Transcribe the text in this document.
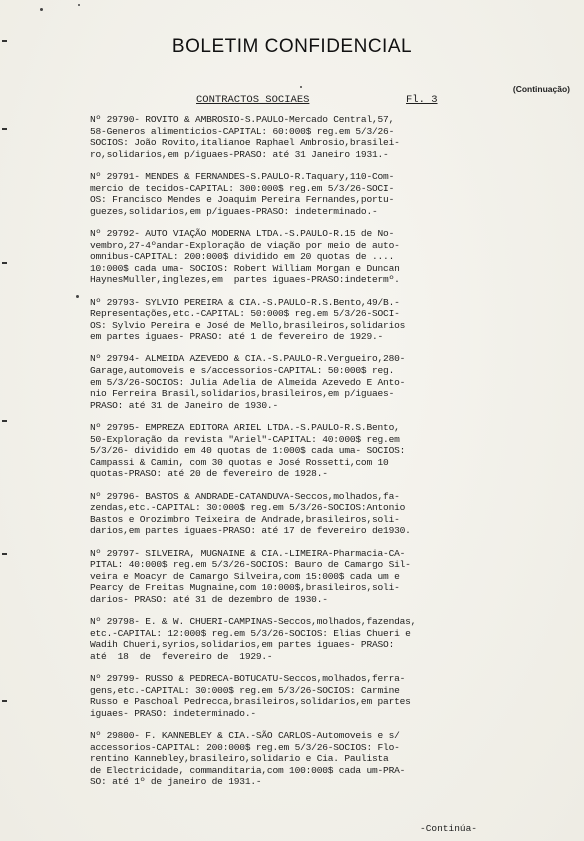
BOLETIM CONFIDENCIAL
(Continuação)
CONTRACTOS SOCIAES	Fl. 3
Nº 29790- ROVITO & AMBROSIO-S.PAULO-Mercado Central,57,
58-Generos alimenticios-CAPITAL: 60:000$ reg.em 5/3/26-
SOCIOS: João Rovito,italianoe Raphael Ambrosio,brasilei-
ro,solidarios,em p/iguaes-PRASO: até 31 Janeiro 1931.-
Nº 29791- MENDES & FERNANDES-S.PAULO-R.Taquary,110-Com-
mercio de tecidos-CAPITAL: 300:000$ reg.em 5/3/26-SOCI-
OS: Francisco Mendes e Joaquim Pereira Fernandes,portu-
guezes,solidarios,em p/iguaes-PRASO: indeterminado.-
Nº 29792- AUTO VIAÇÃO MODERNA LTDA.-S.PAULO-R.15 de No-
vembro,27-4ºandar-Exploração de viação por meio de auto-
omnibus-CAPITAL: 200:000$ dividido em 20 quotas de ....
10:000$ cada uma- SOCIOS: Robert William Morgan e Duncan
HaynesMuller,inglezes,em  partes iguaes-PRASO:indetermº.
Nº 29793- SYLVIO PEREIRA & CIA.-S.PAULO-R.S.Bento,49/B.-
Representações,etc.-CAPITAL: 50:000$ reg.em 5/3/26-SOCI-
OS: Sylvio Pereira e José de Mello,brasileiros,solidarios
em partes iguaes- PRASO: até 1 de fevereiro de 1929.-
Nº 29794- ALMEIDA AZEVEDO & CIA.-S.PAULO-R.Vergueiro,280-
Garage,automoveis e s/accessorios-CAPITAL: 50:000$ reg.
em 5/3/26-SOCIOS: Julia Adelia de Almeida Azevedo E Anto-
nio Ferreira Brasil,solidarios,brasileiros,em p/iguaes-
PRASO: até 31 de Janeiro de 1930.-
Nº 29795- EMPREZA EDITORA ARIEL LTDA.-S.PAULO-R.S.Bento,
50-Exploração da revista "Ariel"-CAPITAL: 40:000$ reg.em
5/3/26- dividido em 40 quotas de 1:000$ cada uma- SOCIOS:
Campassi & Camin, com 30 quotas e José Rossetti,com 10
quotas-PRASO: até 20 de fevereiro de 1928.-
Nº 29796- BASTOS & ANDRADE-CATANDUVA-Seccos,molhados,fa-
zendas,etc.-CAPITAL: 30:000$ reg.em 5/3/26-SOCIOS:Antonio
Bastos e Orozimbro Teixeira de Andrade,brasileiros,soli-
darios,em partes iguaes-PRASO: até 17 de fevereiro de1930.
Nº 29797- SILVEIRA, MUGNAINE & CIA.-LIMEIRA-Pharmacia-CA-
PITAL: 40:000$ reg.em 5/3/26-SOCIOS: Bauro de Camargo Sil-
veira e Moacyr de Camargo Silveira,com 15:000$ cada um e
Pearcy de Freitas Mugnaine,com 10:000$,brasileiros,soli-
darios- PRASO: até 31 de dezembro de 1930.-
Nº 29798- E. & W. CHUERI-CAMPINAS-Seccos,molhados,fazendas,
etc.-CAPITAL: 12:000$ reg.em 5/3/26-SOCIOS: Elias Chueri e
Wadih Chueri,syrios,solidarios,em partes iguaes- PRASO:
até  18  de  fevereiro de  1929.-
Nº 29799- RUSSO & PEDRECA-BOTUCATU-Seccos,molhados,ferra-
gens,etc.-CAPITAL: 30:000$ reg.em 5/3/26-SOCIOS: Carmine
Russo e Paschoal Pedrecca,brasileiros,solidarios,em partes
iguaes- PRASO: indeterminado.-
Nº 29800- F. KANNEBLEY & CIA.-SÃO CARLOS-Automoveis e s/
accessorios-CAPITAL: 200:000$ reg.em 5/3/26-SOCIOS: Flo-
rentino Kannebley,brasileiro,solidario e Cia. Paulista
de Electricidade, commanditaria,com 100:000$ cada um-PRA-
SO: até 1º de janeiro de 1931.-
-Continúa-
